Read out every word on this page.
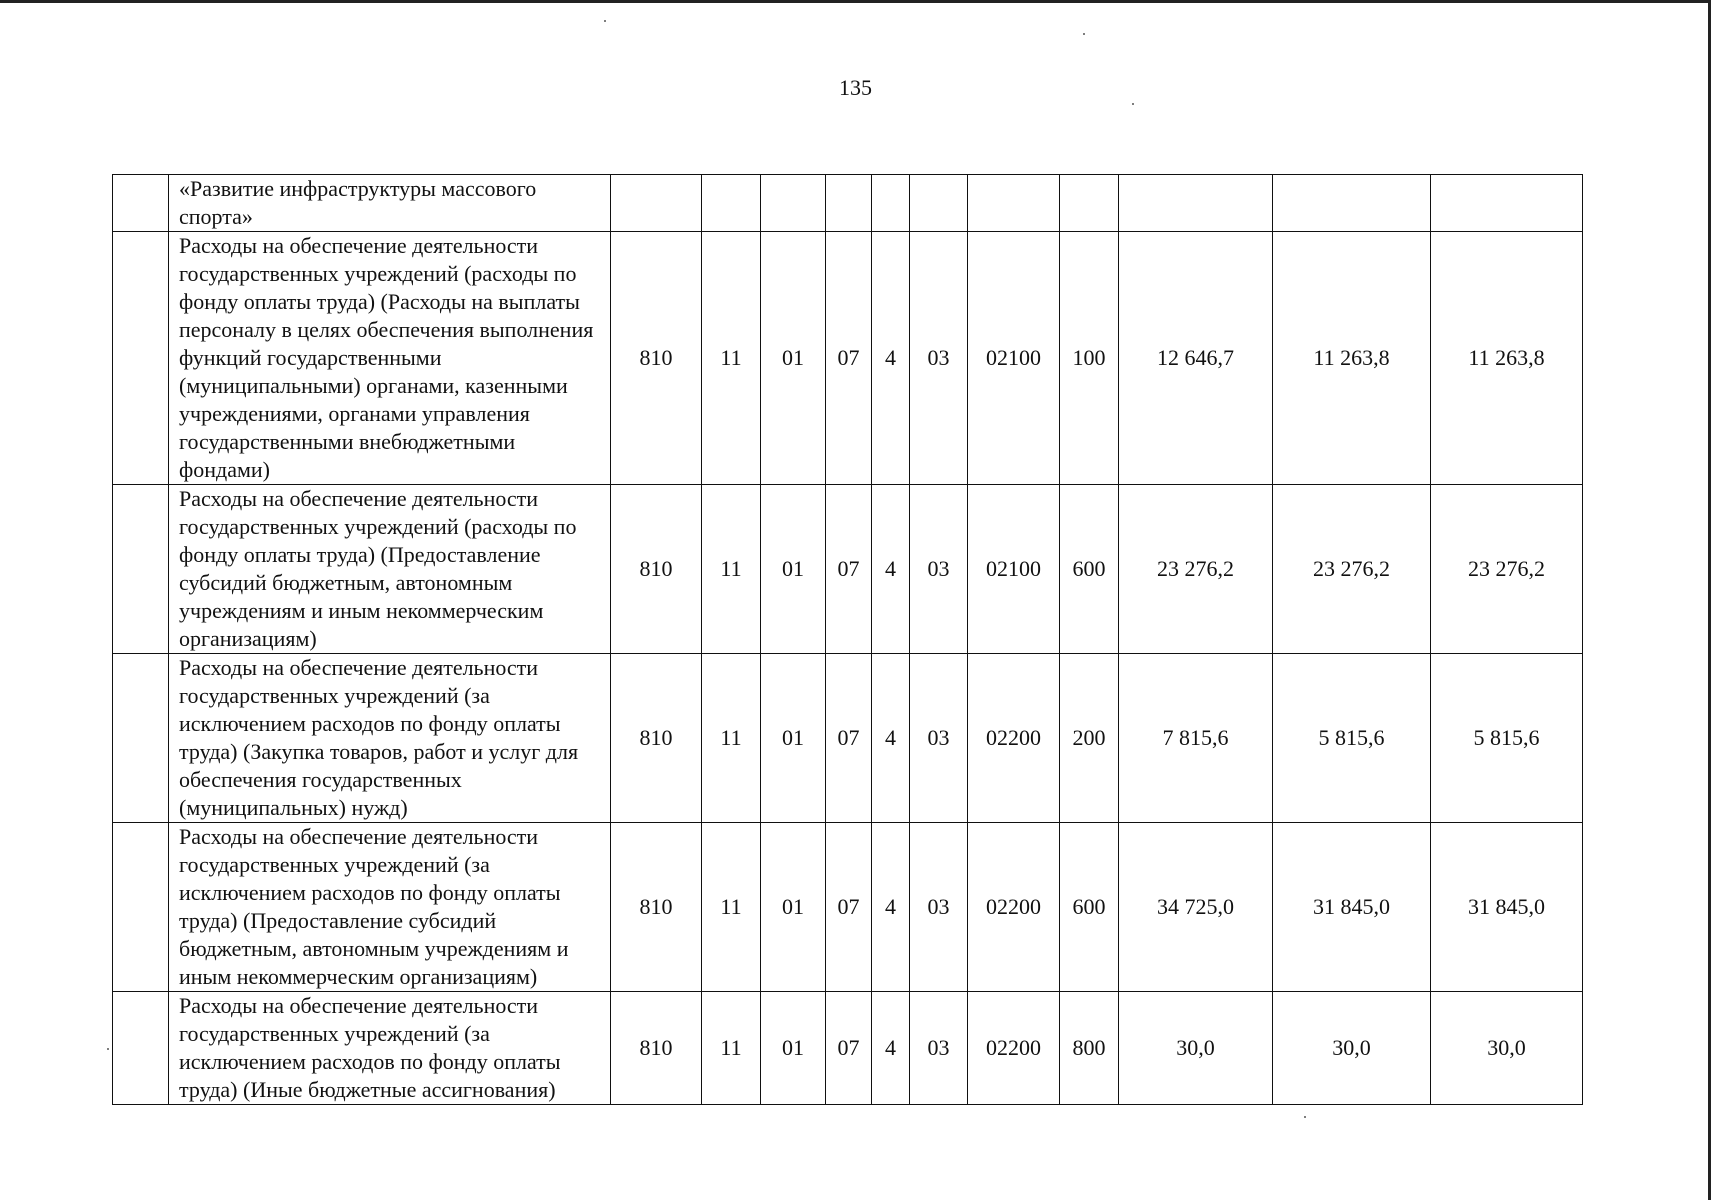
135
	«Развитие инфраструктуры массового спорта»											
	Расходы на обеспечение деятельности государственных учреждений (расходы по фонду оплаты труда) (Расходы на выплаты персоналу в целях обеспечения выполнения функций государственными (муниципальными) органами, казенными учреждениями, органами управления государственными внебюджетными фондами)	810	11	01	07	4	03	02100	100	12 646,7	11 263,8	11 263,8
	Расходы на обеспечение деятельности государственных учреждений (расходы по фонду оплаты труда) (Предоставление субсидий бюджетным, автономным учреждениям и иным некоммерческим организациям)	810	11	01	07	4	03	02100	600	23 276,2	23 276,2	23 276,2
	Расходы на обеспечение деятельности государственных учреждений (за исключением расходов по фонду оплаты труда) (Закупка товаров, работ и услуг для обеспечения государственных (муниципальных) нужд)	810	11	01	07	4	03	02200	200	7 815,6	5 815,6	5 815,6
	Расходы на обеспечение деятельности государственных учреждений (за исключением расходов по фонду оплаты труда) (Предоставление субсидий бюджетным, автономным учреждениям и иным некоммерческим организациям)	810	11	01	07	4	03	02200	600	34 725,0	31 845,0	31 845,0
	Расходы на обеспечение деятельности государственных учреждений (за исключением расходов по фонду оплаты труда) (Иные бюджетные ассигнования)	810	11	01	07	4	03	02200	800	30,0	30,0	30,0
